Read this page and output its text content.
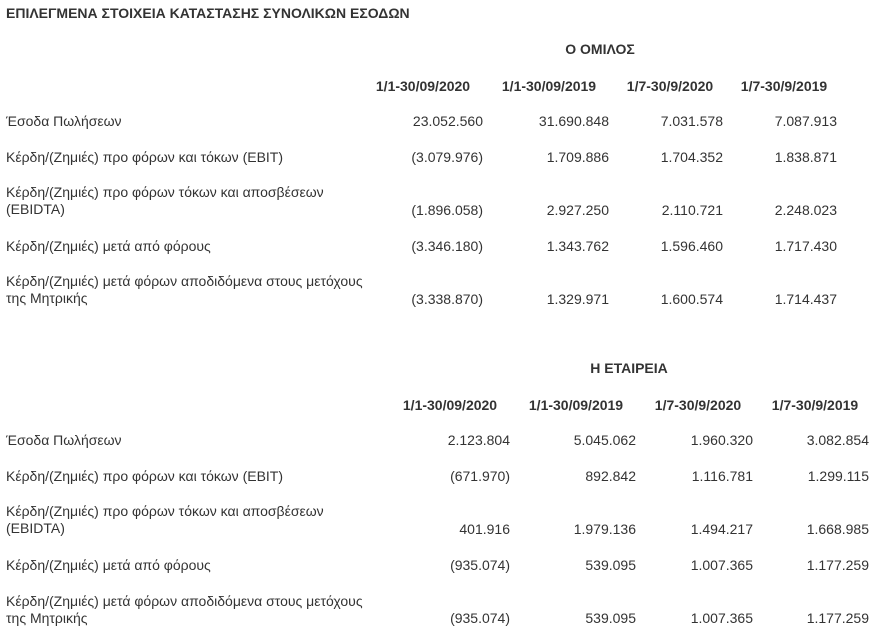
ΕΠΙΛΕΓΜΕΝΑ ΣΤΟΙΧΕΙΑ ΚΑΤΑΣΤΑΣΗΣ ΣΥΝΟΛΙΚΩΝ ΕΣΟΔΩΝ
Ο ΟΜΙΛΟΣ
1/1-30/09/2020 1/1-30/09/2019 1/7-30/9/2020 1/7-30/9/2019
Έσοδα Πωλήσεων	23.052.560	31.690.848	7.031.578	7.087.913
Κέρδη/(Ζημιές) προ φόρων και τόκων (EBIT)	(3.079.976)	1.709.886	1.704.352	1.838.871
Κέρδη/(Ζημιές) προ φόρων τόκων και αποσβέσεων (EBIDTA)	(1.896.058)	2.927.250	2.110.721	2.248.023
Κέρδη/(Ζημιές) μετά από φόρους	(3.346.180)	1.343.762	1.596.460	1.717.430
Κέρδη/(Ζημιές) μετά φόρων αποδιδόμενα στους μετόχους της Μητρικής	(3.338.870)	1.329.971	1.600.574	1.714.437
Η ΕΤΑΙΡΕΙΑ
1/1-30/09/2020 1/1-30/09/2019 1/7-30/9/2020 1/7-30/9/2019
Έσοδα Πωλήσεων	2.123.804	5.045.062	1.960.320	3.082.854
Κέρδη/(Ζημιές) προ φόρων και τόκων (EBIT)	(671.970)	892.842	1.116.781	1.299.115
Κέρδη/(Ζημιές) προ φόρων τόκων και αποσβέσεων (EBIDTA)	401.916	1.979.136	1.494.217	1.668.985
Κέρδη/(Ζημιές) μετά από φόρους	(935.074)	539.095	1.007.365	1.177.259
Κέρδη/(Ζημιές) μετά φόρων αποδιδόμενα στους μετόχους της Μητρικής	(935.074)	539.095	1.007.365	1.177.259
